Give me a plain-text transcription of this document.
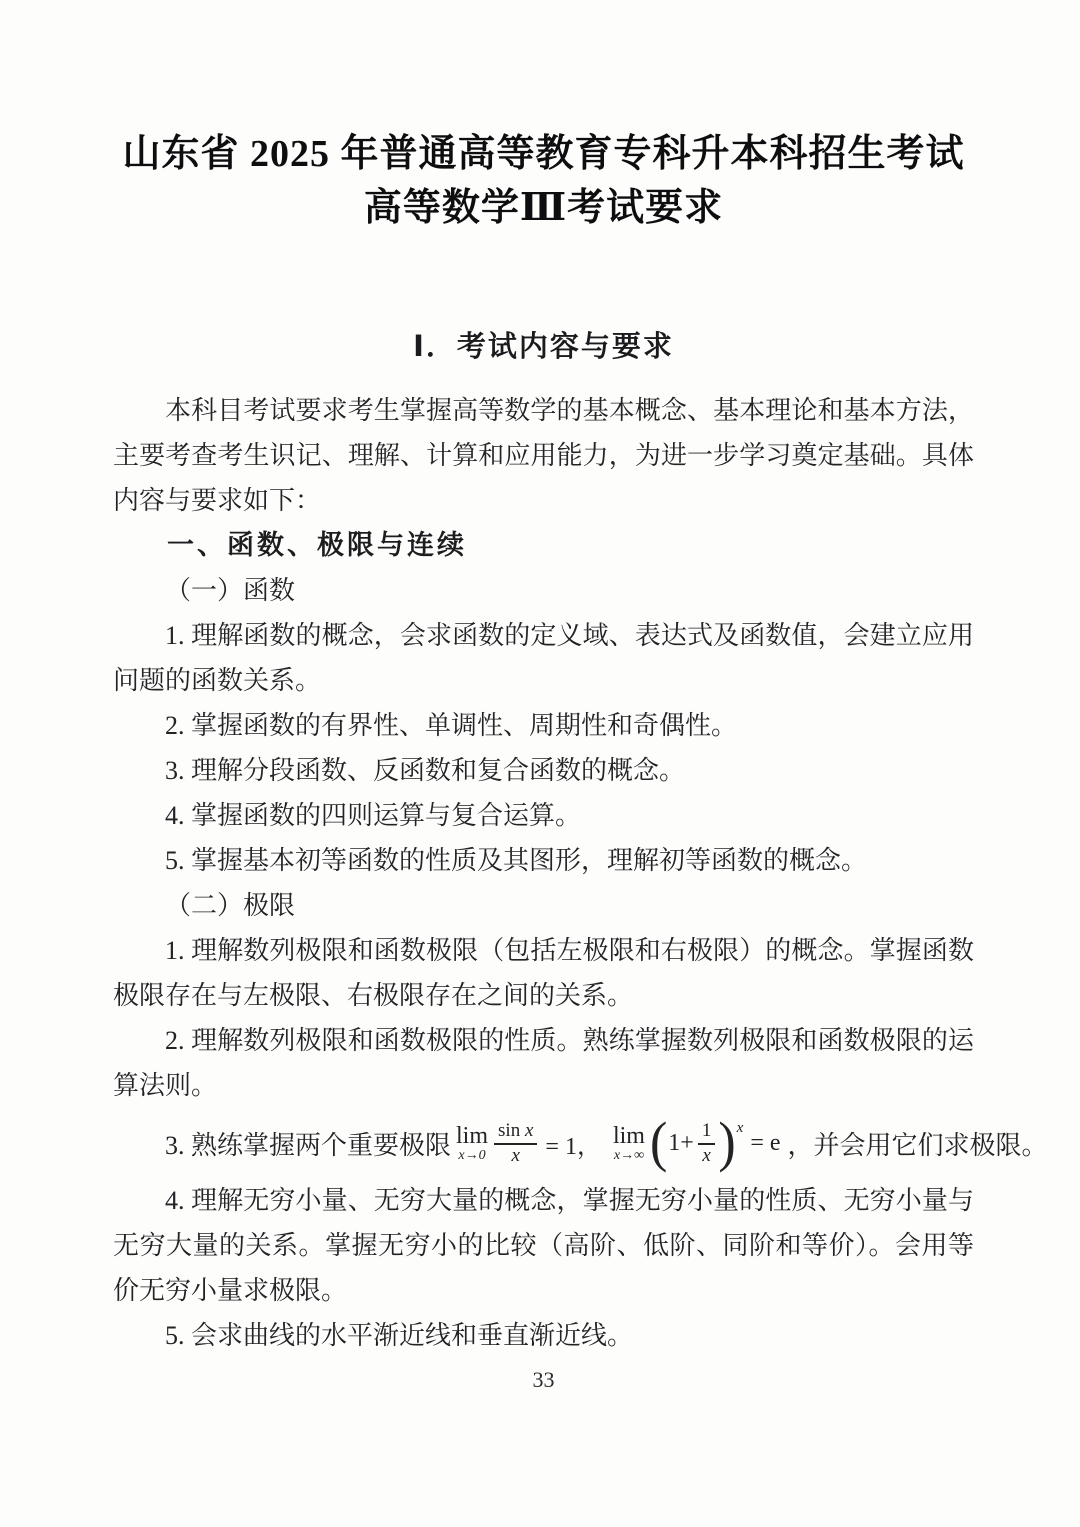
山东省 2025 年普通高等教育专科升本科招生考试
高等数学Ⅲ考试要求
Ⅰ．考试内容与要求

本科目考试要求考生掌握高等数学的基本概念、基本理论和基本方法，主要考查考生识记、理解、计算和应用能力，为进一步学习奠定基础。具体内容与要求如下：

一、函数、极限与连续

（一）函数

1. 理解函数的概念，会求函数的定义域、表达式及函数值，会建立应用问题的函数关系。

2. 掌握函数的有界性、单调性、周期性和奇偶性。

3. 理解分段函数、反函数和复合函数的概念。

4. 掌握函数的四则运算与复合运算。

5. 掌握基本初等函数的性质及其图形，理解初等函数的概念。

（二）极限

1. 理解数列极限和函数极限（包括左极限和右极限）的概念。掌握函数极限存在与左极限、右极限存在之间的关系。

2. 理解数列极限和函数极限的性质。熟练掌握数列极限和函数极限的运算法则。

3. 熟练掌握两个重要极限 lim
$x\to 0 \frac{\text{sin x}}{x} = 1$， lim
x→∞ ( $1+ \frac{1}{x}$ ) x
= e ，并会用它们求极限。

4. 理解无穷小量、无穷大量的概念，掌握无穷小量的性质、无穷小量与无穷大量的关系。掌握无穷小的比较（高阶、低阶、同阶和等价）。会用等价无穷小量求极限。

5. 会求曲线的水平渐近线和垂直渐近线。

33
